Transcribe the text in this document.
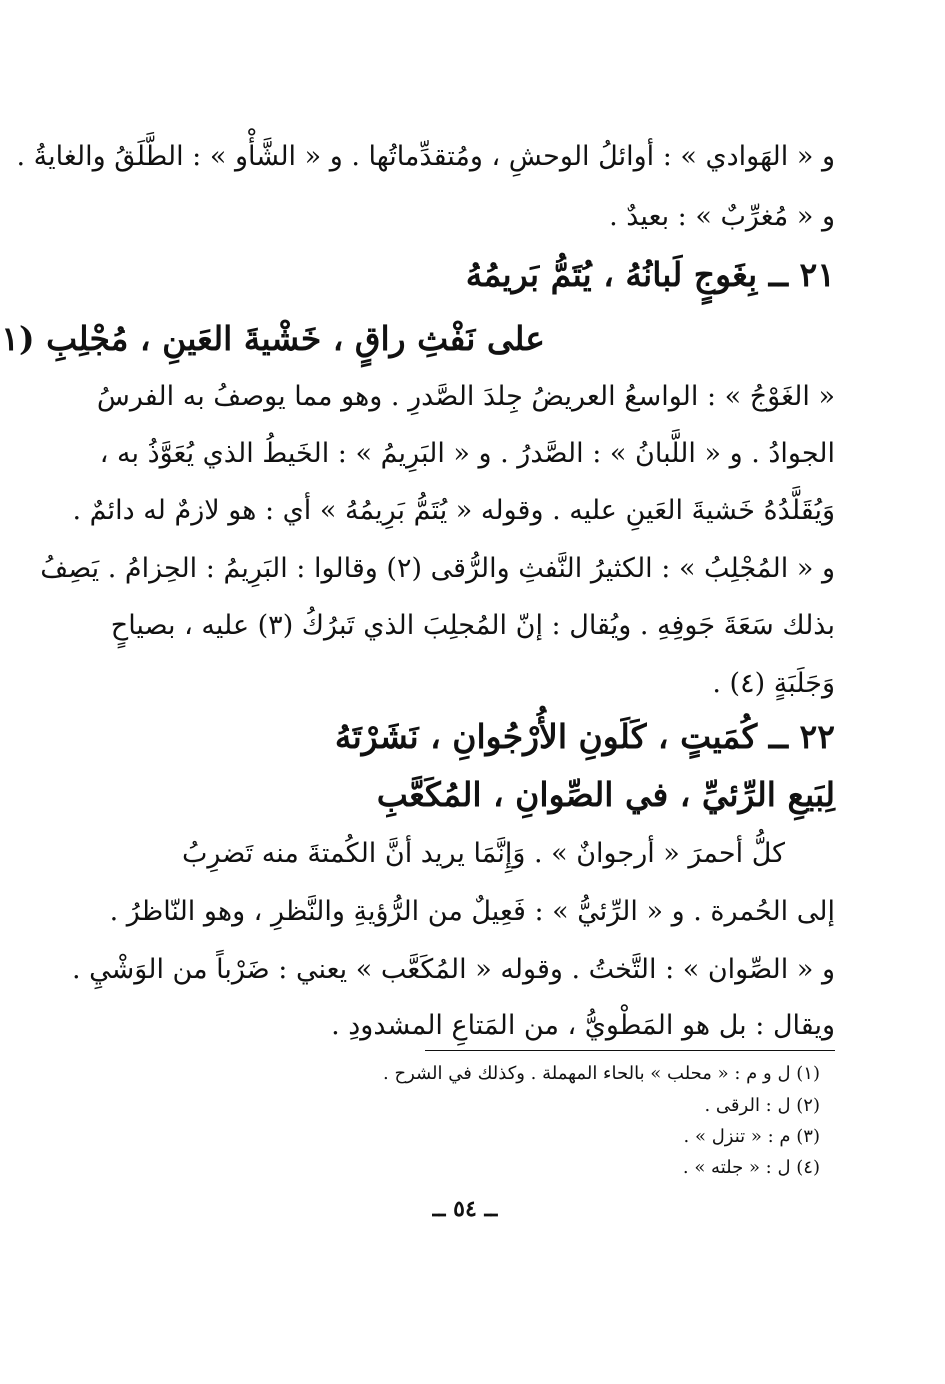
و « الهَوادي » : أوائلُ الوحشِ ، ومُتقدِّماتُها . و « الشَّأْو » : الطَّلَقُ والغايةُ .
و « مُغرِّبٌ » : بعيدٌ .
٢١ ــ بِغَوجٍ لَبانُهُ ، يُتَمُّ بَريمُهُ
على نَفْثِ راقٍ ، خَشْيةَ العَينِ ، مُجْلِبِ (١
« الغَوْجُ » : الواسعُ العريضُ جِلدَ الصَّدرِ . وهو مما يوصفُ به الفرسُ
الجوادُ . و « اللَّبانُ » : الصَّدرُ . و « البَرِيمُ » : الخَيطُ الذي يُعَوَّذُ به ،
وَيُقَلَّدُهُ خَشيةَ العَينِ عليه . وقوله « يُتَمُّ بَرِيمُهُ » أي : هو لازمٌ له دائمٌ .
و « المُجْلِبُ » : الكثيرُ النَّفثِ والرُّقى (٢) وقالوا : البَرِيمُ : الحِزامُ . يَصِفُ
بذلك سَعَةَ جَوفِهِ . ويُقال : إنّ المُجلِبَ الذي تَبرُكُ (٣) عليه ، بصياحٍ
وَجَلَبَةٍ (٤) .
٢٢ ــ كُمَيتٍ ، كَلَونِ الأُرْجُوانِ ، نَشَرْتَهُ
لِبَيعِ الرِّئيِّ ، في الصِّوانِ ، المُكَعَّبِ
كلُّ أحمرَ « أرجوانٌ » . وَإِنَّمَا يريد أنَّ الكُمتةَ منه تَضرِبُ
إلى الحُمرة . و « الرِّئيُّ » : فَعِيلٌ من الرُّؤيةِ والنَّظرِ ، وهو النّاظرُ .
و « الصِّوان » : التَّختُ . وقوله « المُكَعَّب » يعني : ضَرْباً من الوَشْيِ .
ويقال : بل هو المَطْويُّ ، من المَتاعِ المشدودِ .
(١) ل و م : « محلب » بالحاء المهملة . وكذلك في الشرح .
(٢) ل : الرقى .
(٣) م : « تنزل » .
(٤) ل : « جلته » .
ــ ٥٤ ــ
